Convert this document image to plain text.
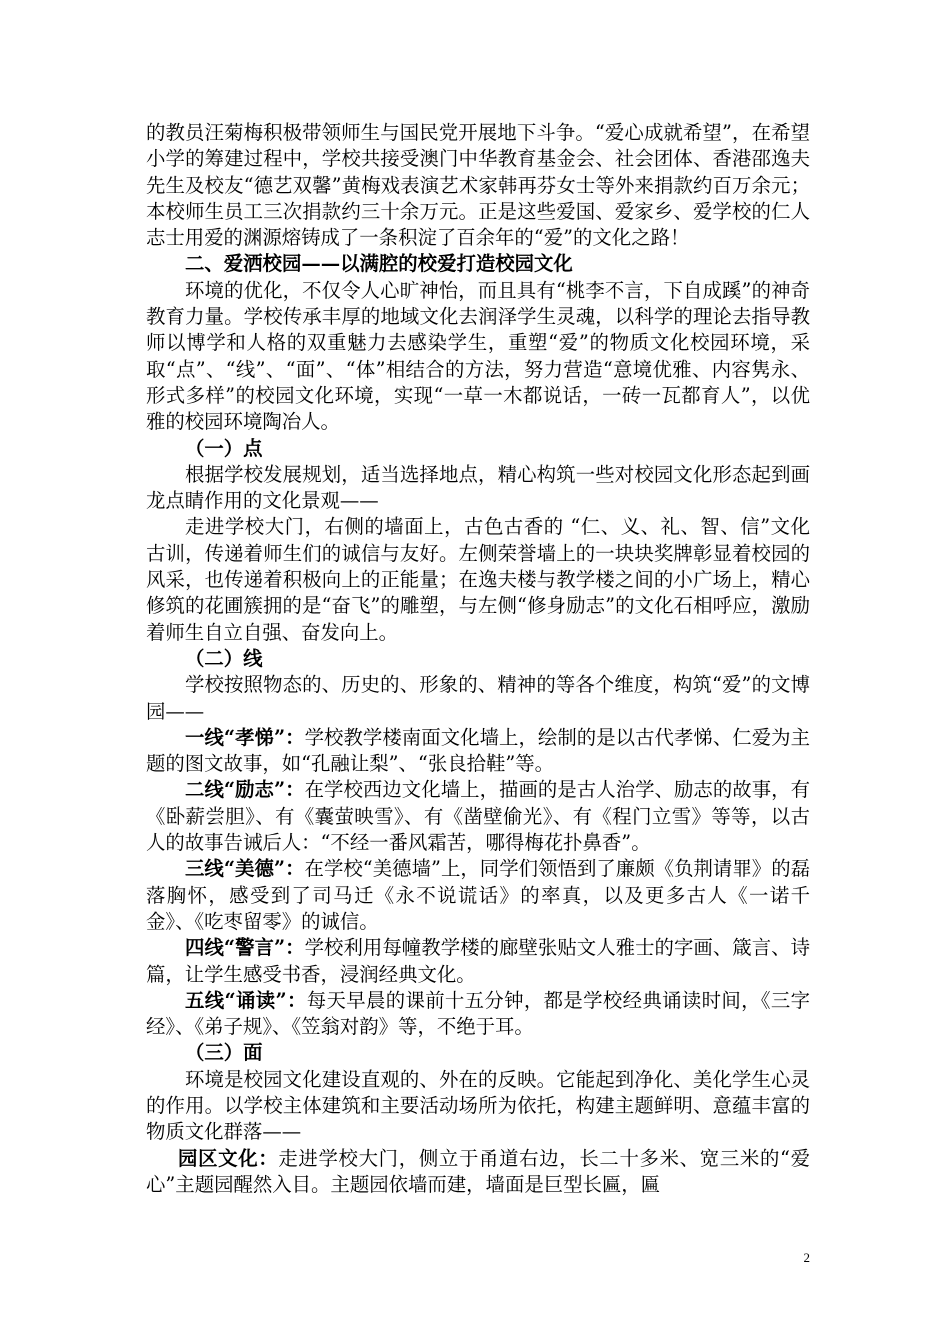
的教员汪菊梅积极带领师生与国民党开展地下斗争。“爱心成就希望”，在希望小学的筹建过程中，学校共接受澳门中华教育基金会、社会团体、香港邵逸夫先生及校友“德艺双馨”黄梅戏表演艺术家韩再芬女士等外来捐款约百万余元；本校师生员工三次捐款约三十余万元。正是这些爱国、爱家乡、爱学校的仁人志士用爱的渊源熔铸成了一条积淀了百余年的“爱”的文化之路！

二、爱洒校园——以满腔的校爱打造校园文化

环境的优化，不仅令人心旷神怡，而且具有“桃李不言，下自成蹊”的神奇教育力量。学校传承丰厚的地域文化去润泽学生灵魂，以科学的理论去指导教师以博学和人格的双重魅力去感染学生，重塑“爱”的物质文化校园环境，采取“点”、“线”、“面”、“体”相结合的方法，努力营造“意境优雅、内容隽永、形式多样”的校园文化环境，实现“一草一木都说话，一砖一瓦都育人”，以优雅的校园环境陶冶人。

（一）点

根据学校发展规划，适当选择地点，精心构筑一些对校园文化形态起到画龙点睛作用的文化景观——

走进学校大门，右侧的墙面上，古色古香的 “仁、义、礼、智、信”文化古训，传递着师生们的诚信与友好。左侧荣誉墙上的一块块奖牌彰显着校园的风采，也传递着积极向上的正能量；在逸夫楼与教学楼之间的小广场上，精心修筑的花圃簇拥的是“奋飞”的雕塑，与左侧“修身励志”的文化石相呼应，激励着师生自立自强、奋发向上。

（二）线

学校按照物态的、历史的、形象的、精神的等各个维度，构筑“爱”的文博园——

一线“孝悌”：学校教学楼南面文化墙上，绘制的是以古代孝悌、仁爱为主题的图文故事，如“孔融让梨”、“张良拾鞋”等。

二线“励志”：在学校西边文化墙上，描画的是古人治学、励志的故事，有《卧薪尝胆》、有《囊萤映雪》、有《凿壁偷光》、有《程门立雪》等等，以古人的故事告诫后人：“不经一番风霜苦，哪得梅花扑鼻香”。

三线“美德”：在学校“美德墙”上，同学们领悟到了廉颇《负荆请罪》的磊落胸怀，感受到了司马迁《永不说谎话》的率真，以及更多古人《一诺千金》、《吃枣留零》的诚信。

四线“警言”：学校利用每幢教学楼的廊壁张贴文人雅士的字画、箴言、诗篇，让学生感受书香，浸润经典文化。

五线“诵读”：每天早晨的课前十五分钟，都是学校经典诵读时间，《三字经》、《弟子规》、《笠翁对韵》等，不绝于耳。

（三）面

环境是校园文化建设直观的、外在的反映。它能起到净化、美化学生心灵的作用。以学校主体建筑和主要活动场所为依托，构建主题鲜明、意蕴丰富的物质文化群落——

园区文化：走进学校大门，侧立于甬道右边，长二十多米、宽三米的“爱心”主题园醒然入目。主题园依墙而建，墙面是巨型长匾，匾

2
